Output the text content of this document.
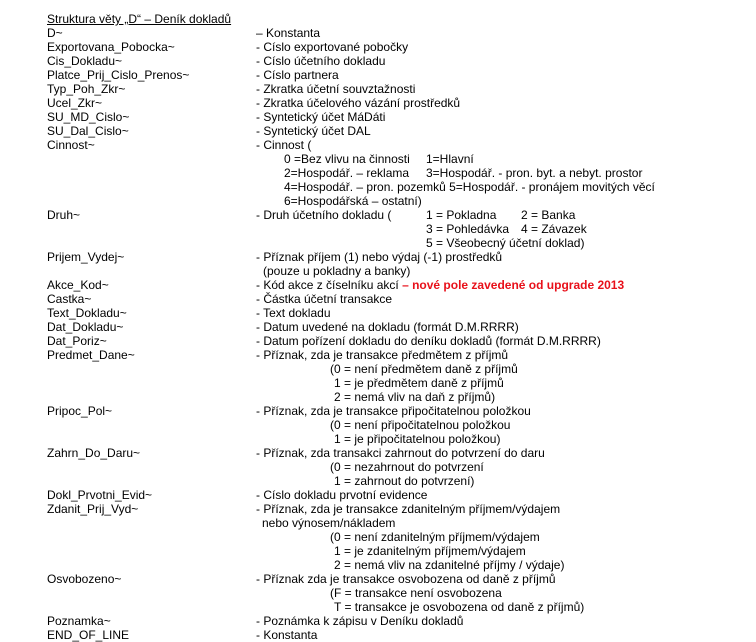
Struktura věty „D“ – Deník dokladů
D~	– Konstanta
Exportovana_Pobocka~	- Císlo exportované pobočky
Cis_Dokladu~	- Císlo účetního dokladu
Platce_Prij_Cislo_Prenos~	- Císlo partnera
Typ_Poh_Zkr~	- Zkratka účetní souvztažnosti
Ucel_Zkr~	- Zkratka účelového vázání prostředků
SU_MD_Cislo~	- Syntetický účet MáDáti
SU_Dal_Cislo~	- Syntetický účet DAL
Cinnost~	- Cinnost (
0 =Bez vlivu na činnosti 1=Hlavní
2=Hospodář. – reklama 3=Hospodář. - pron. byt. a nebyt. prostor
4=Hospodář. – pron. pozemků 5=Hospodář. - pronájem movitých věcí
6=Hospodářská – ostatní)
Druh~	- Druh účetního dokladu (	1 = Pokladna 2 = Banka
3 = Pohledávka 4 = Závazek
5 = Všeobecný účetní doklad)
Prijem_Vydej~	- Příznak příjem (1) nebo výdaj (-1) prostředků
(pouze u pokladny a banky)
Akce_Kod~	- Kód akce z číselníku akcí – nové pole zavedené od upgrade 2013
Castka~	- Částka účetní transakce
Text_Dokladu~	- Text dokladu
Dat_Dokladu~	- Datum uvedené na dokladu (formát D.M.RRRR)
Dat_Poriz~	- Datum pořízení dokladu do deníku dokladů (formát D.M.RRRR)
Predmet_Dane~	- Příznak, zda je transakce předmětem z příjmů
(0 = není předmětem daně z příjmů
1 = je předmětem daně z příjmů
2 = nemá vliv na daň z příjmů)
Pripoc_Pol~	- Příznak, zda je transakce připočitatelnou položkou
(0 = není připočitatelnou položkou
1 = je připočitatelnou položkou)
Zahrn_Do_Daru~	- Příznak, zda transakci zahrnout do potvrzení do daru
(0 = nezahrnout do potvrzení
1 = zahrnout do potvrzení)
Dokl_Prvotni_Evid~	- Císlo dokladu prvotní evidence
Zdanit_Prij_Vyd~	- Příznak, zda je transakce zdanitelným příjmem/výdajem
nebo výnosem/nákladem
(0 = není zdanitelným příjmem/výdajem
1 = je zdanitelným příjmem/výdajem
2 = nemá vliv na zdanitelné příjmy / výdaje)
Osvobozeno~	- Příznak zda je transakce osvobozena od daně z příjmů
(F = transakce není osvobozena
T = transakce je osvobozena od daně z příjmů)
Poznamka~	- Poznámka k zápisu v Deníku dokladů
END_OF_LINE	- Konstanta
